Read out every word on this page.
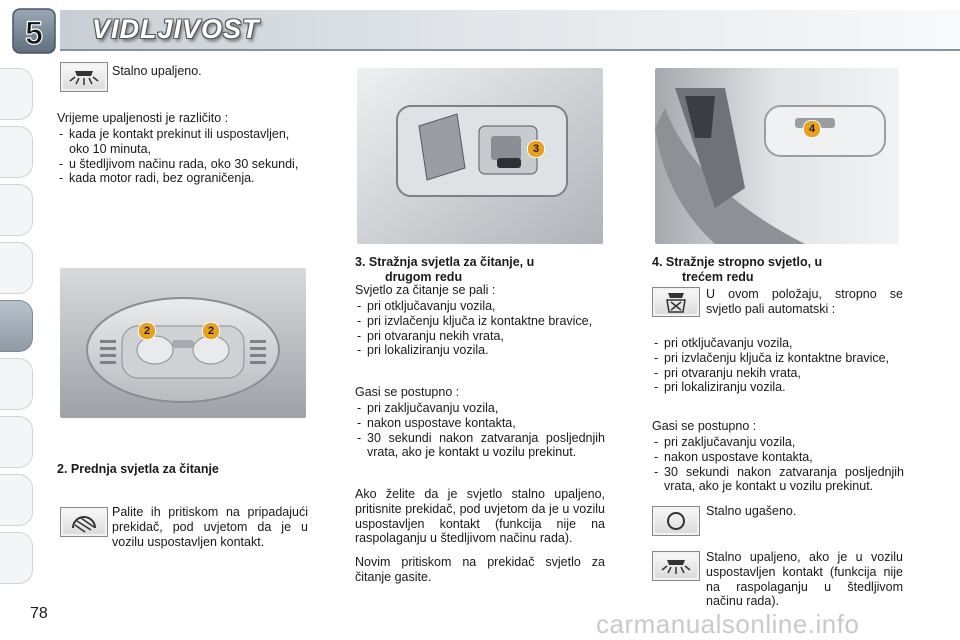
5 VIDLJIVOST
Stalno upaljeno.
Vrijeme upaljenosti je različito :
- kada je kontakt prekinut ili uspostavljen, oko 10 minuta,
- u štedljivom načinu rada, oko 30 sekundi,
- kada motor radi, bez ograničenja.
2	2
2. Prednja svjetla za čitanje
Palite ih pritiskom na pripadajući prekidač, pod uvjetom da je u vozilu uspostavljen kontakt.
3
3. Stražnja svjetla za čitanje, u
drugom redu
Svjetlo za čitanje se pali :
- pri otključavanju vozila,
- pri izvlačenju ključa iz kontaktne bravice,
- pri otvaranju nekih vrata,
- pri lokaliziranju vozila.
Gasi se postupno :
- pri zaključavanju vozila,
- nakon uspostave kontakta,
- 30 sekundi nakon zatvaranja posljednjih vrata, ako je kontakt u vozilu prekinut.
Ako želite da je svjetlo stalno upaljeno, pritisnite prekidač, pod uvjetom da je u vozilu uspostavljen kontakt (funkcija nije na raspolaganju u štedljivom načinu rada).
Novim pritiskom na prekidač svjetlo za čitanje gasite.
4
4. Stražnje stropno svjetlo, u
trećem redu
U ovom položaju, stropno se svjetlo pali automatski :
- pri otključavanju vozila,
- pri izvlačenju ključa iz kontaktne bravice,
- pri otvaranju nekih vrata,
- pri lokaliziranju vozila.
Gasi se postupno :
- pri zaključavanju vozila,
- nakon uspostave kontakta,
- 30 sekundi nakon zatvaranja posljednjih vrata, ako je kontakt u vozilu prekinut.
Stalno ugašeno.
Stalno upaljeno, ako je u vozilu uspostavljen kontakt (funkcija nije na raspolaganju u štedljivom načinu rada).
78	carmanualsonline.info
